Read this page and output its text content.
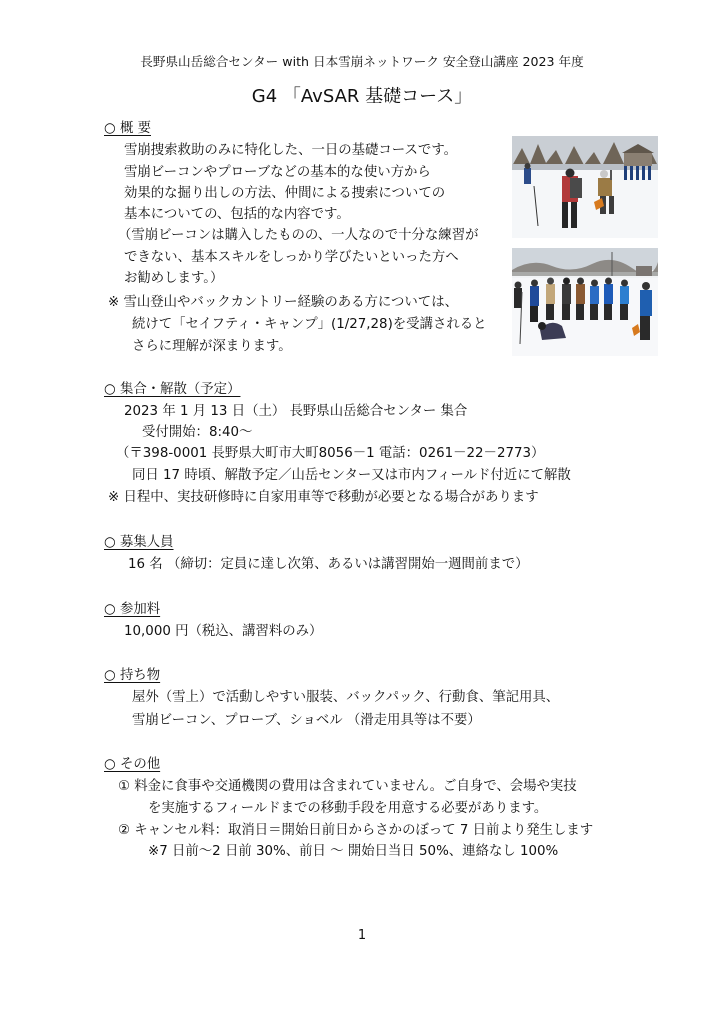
長野県山岳総合センター with 日本雪崩ネットワーク 安全登山講座 2023 年度
G4 「AvSAR 基礎コース」
○ 概 要
雪崩捜索救助のみに特化した、一日の基礎コースです。
雪崩ビーコンやプローブなどの基本的な使い方から
効果的な掘り出しの方法、仲間による捜索についての
基本についての、包括的な内容です。
（雪崩ビーコンは購入したものの、一人なので十分な練習が
できない、基本スキルをしっかり学びたいといった方へ
お勧めします。）
※ 雪山登山やバックカントリー経験のある方については、
続けて「セイフティ・キャンプ」(1/27,28)を受講されると
さらに理解が深まります。
○ 集合・解散（予定）
2023 年 1 月 13 日（土） 長野県山岳総合センター 集合
受付開始：8:40～
（〒398-0001 長野県大町市大町8056－1 電話：0261－22－2773）
同日 17 時頃、解散予定／山岳センター又は市内フィールド付近にて解散
※ 日程中、実技研修時に自家用車等で移動が必要となる場合があります
○ 募集人員
16 名 （締切：定員に達し次第、あるいは講習開始一週間前まで）
○ 参加料
10,000 円（税込、講習料のみ）
○ 持ち物
屋外（雪上）で活動しやすい服装、バックパック、行動食、筆記用具、
雪崩ビーコン、プローブ、ショベル （滑走用具等は不要）
○ その他
① 料金に食事や交通機関の費用は含まれていません。ご自身で、会場や実技
を実施するフィールドまでの移動手段を用意する必要があります。
② キャンセル料：取消日＝開始日前日からさかのぼって 7 日前より発生します
※7 日前～2 日前 30%、前日 ～ 開始日当日 50%、連絡なし 100%
1
